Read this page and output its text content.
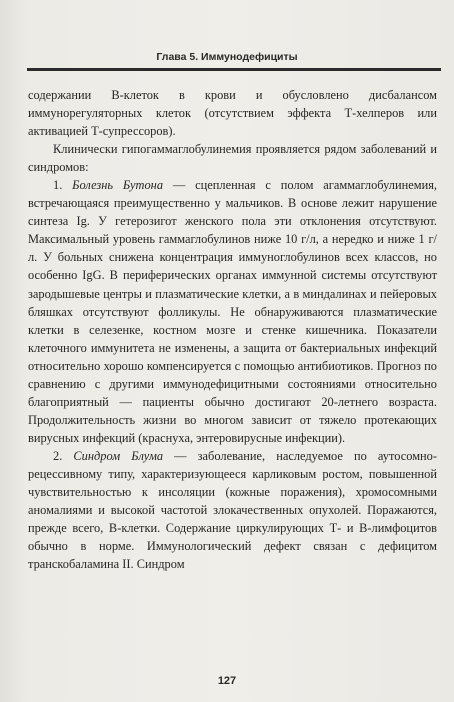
Глава 5. Иммунодефициты

содержании В-клеток в крови и обусловлено дисбалансом иммунорегуляторных клеток (отсутствием эффекта Т-хелперов или активацией Т-супрессоров).

Клинически гипогаммаглобулинемия проявляется рядом заболеваний и синдромов:

1. Болезнь Бутона — сцепленная с полом агаммаглобулинемия, встречающаяся преимущественно у мальчиков. В основе лежит нарушение синтеза Ig. У гетерозигот женского пола эти отклонения отсутствуют. Максимальный уровень гаммаглобулинов ниже 10 г/л, а нередко и ниже 1 г/л. У больных снижена концентрация иммуноглобулинов всех классов, но особенно IgG. В периферических органах иммунной системы отсутствуют зародышевые центры и плазматические клетки, а в миндалинах и пейеровых бляшках отсутствуют фолликулы. Не обнаруживаются плазматические клетки в селезенке, костном мозге и стенке кишечника. Показатели клеточного иммунитета не изменены, а защита от бактериальных инфекций относительно хорошо компенсируется с помощью антибиотиков. Прогноз по сравнению с другими иммунодефицитными состояниями относительно благоприятный — пациенты обычно достигают 20-летнего возраста. Продолжительность жизни во многом зависит от тяжело протекающих вирусных инфекций (краснуха, энтеровирусные инфекции).

2. Синдром Блума — заболевание, наследуемое по аутосомно-рецессивному типу, характеризующееся карликовым ростом, повышенной чувствительностью к инсоляции (кожные поражения), хромосомными аномалиями и высокой частотой злокачественных опухолей. Поражаются, прежде всего, В-клетки. Содержание циркулирующих Т- и В-лимфоцитов обычно в норме. Иммунологический дефект связан с дефицитом транскобаламина II. Синдром

127
